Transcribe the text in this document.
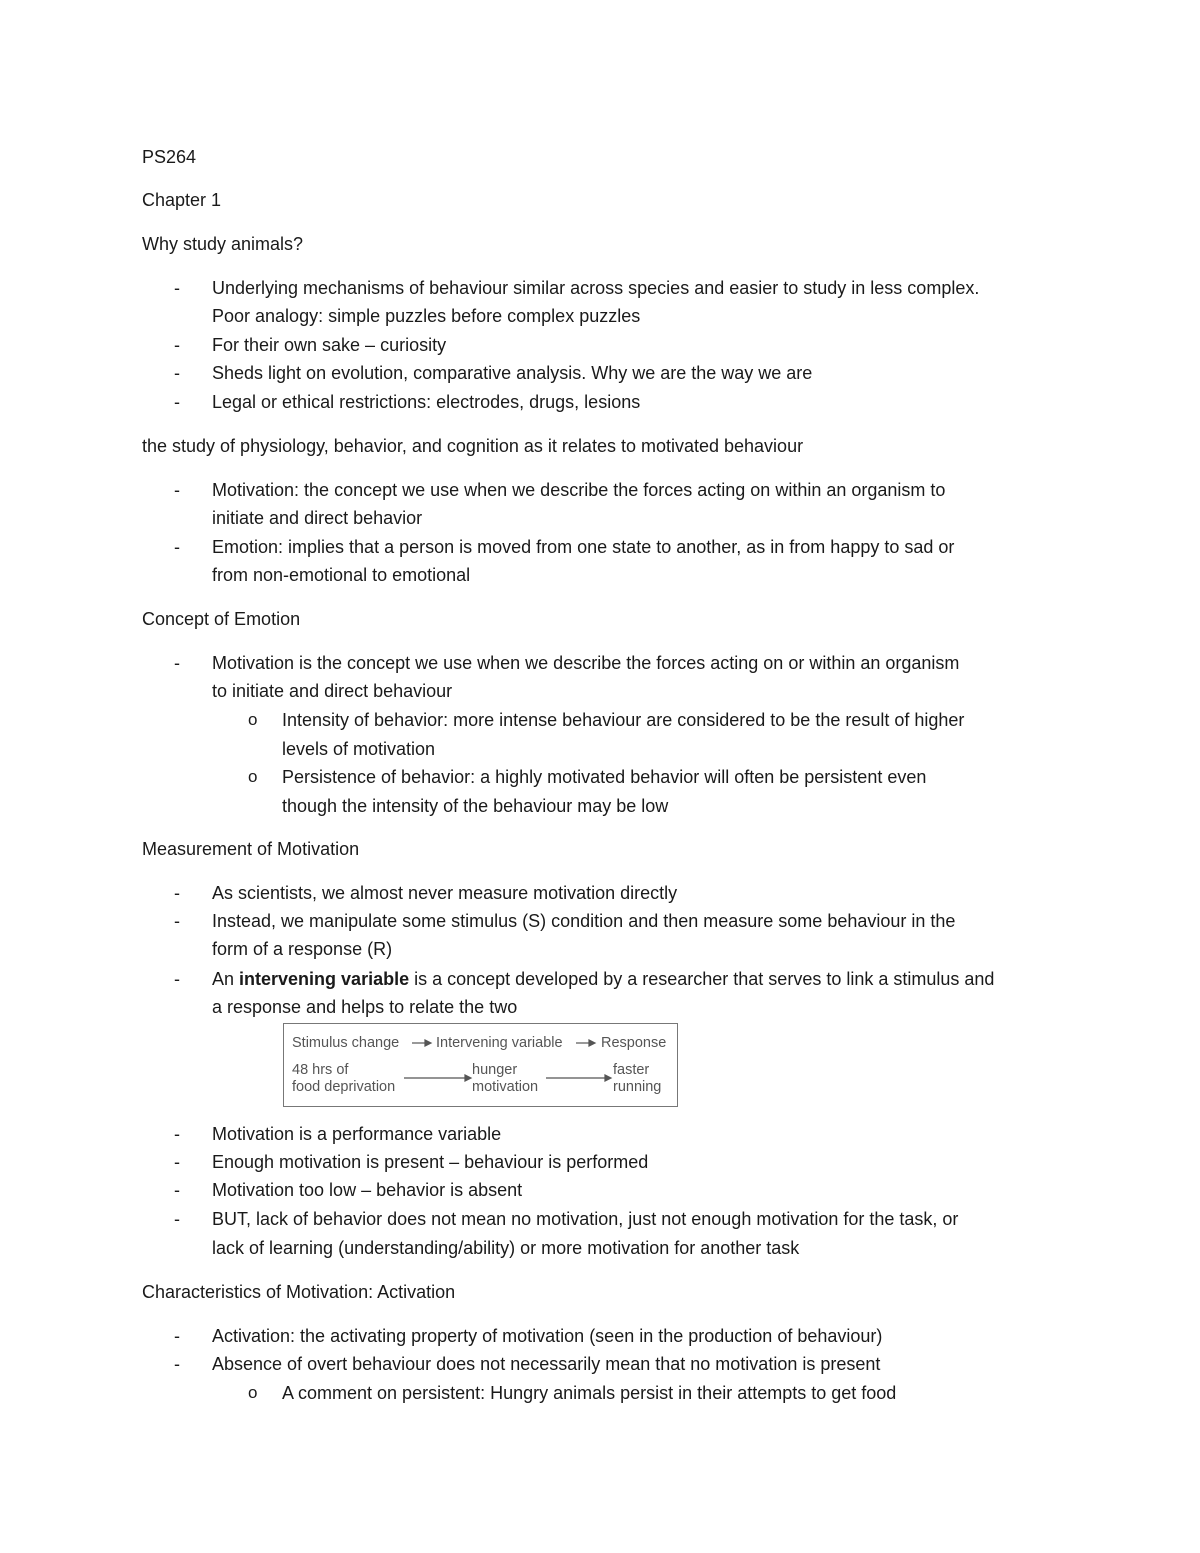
PS264
Chapter 1
Why study animals?
- Underlying mechanisms of behaviour similar across species and easier to study in less complex.
Poor analogy: simple puzzles before complex puzzles
- For their own sake – curiosity
- Sheds light on evolution, comparative analysis. Why we are the way we are
- Legal or ethical restrictions: electrodes, drugs, lesions
the study of physiology, behavior, and cognition as it relates to motivated behaviour
- Motivation: the concept we use when we describe the forces acting on within an organism to
initiate and direct behavior
- Emotion: implies that a person is moved from one state to another, as in from happy to sad or
from non-emotional to emotional
Concept of Emotion
- Motivation is the concept we use when we describe the forces acting on or within an organism
to initiate and direct behaviour
o Intensity of behavior: more intense behaviour are considered to be the result of higher
levels of motivation
o Persistence of behavior: a highly motivated behavior will often be persistent even
though the intensity of the behaviour may be low
Measurement of Motivation
- As scientists, we almost never measure motivation directly
- Instead, we manipulate some stimulus (S) condition and then measure some behaviour in the
form of a response (R)
- An intervening variable is a concept developed by a researcher that serves to link a stimulus and
a response and helps to relate the two
Stimulus change	Intervening variable	Response
48 hrs of
food deprivation
hunger
motivation
faster
running
- Motivation is a performance variable
- Enough motivation is present – behaviour is performed
- Motivation too low – behavior is absent
- BUT, lack of behavior does not mean no motivation, just not enough motivation for the task, or
lack of learning (understanding/ability) or more motivation for another task
Characteristics of Motivation: Activation
- Activation: the activating property of motivation (seen in the production of behaviour)
- Absence of overt behaviour does not necessarily mean that no motivation is present
o A comment on persistent: Hungry animals persist in their attempts to get food
